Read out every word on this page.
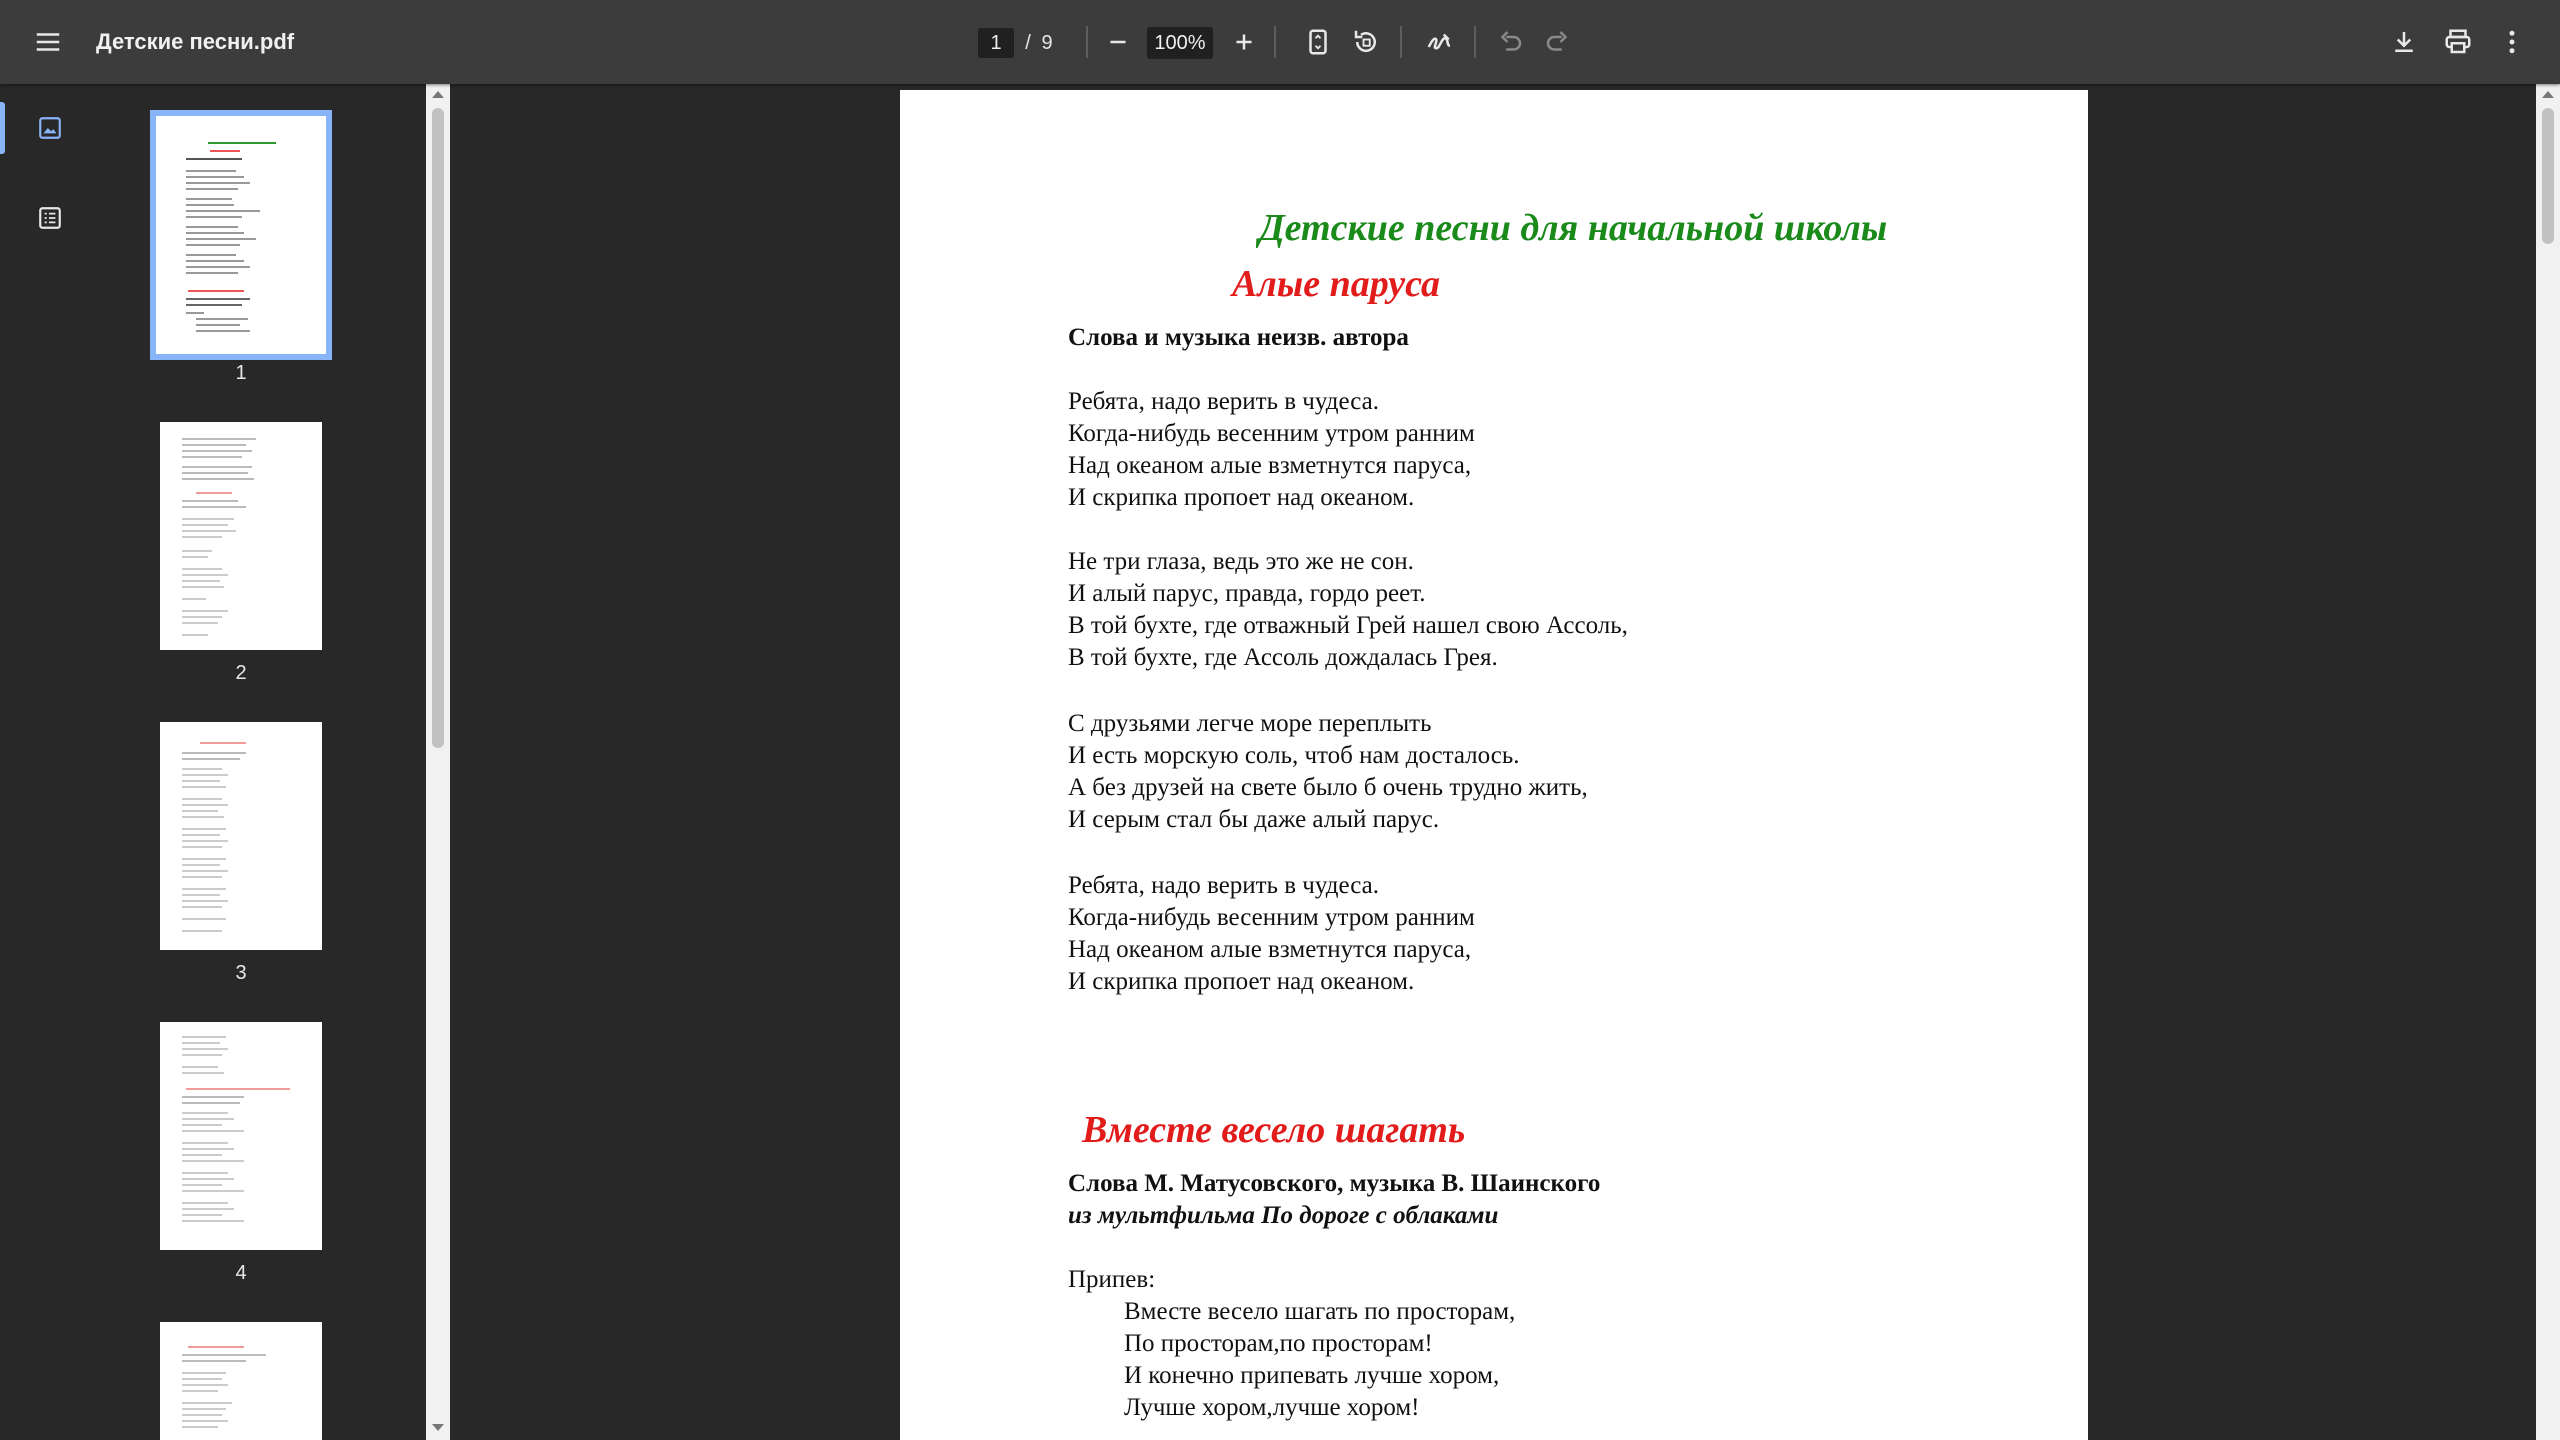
Детские песни.pdf
1	/ 9
100%
1
2
3
4
Детские песни для начальной школы
Алые паруса
Слова и музыка неизв. автора
Ребята, надо верить в чудеса.
Когда-нибудь весенним утром ранним
Над океаном алые взметнутся паруса,
И скрипка пропоет над океаном.
Не три глаза, ведь это же не сон.
И алый парус, правда, гордо реет.
В той бухте, где отважный Грей нашел свою Ассоль,
В той бухте, где Ассоль дождалась Грея.
С друзьями легче море переплыть
И есть морскую соль, чтоб нам досталось.
А без друзей на свете было б очень трудно жить,
И серым стал бы даже алый парус.
Ребята, надо верить в чудеса.
Когда-нибудь весенним утром ранним
Над океаном алые взметнутся паруса,
И скрипка пропоет над океаном.
Вместе весело шагать
Слова М. Матусовского, музыка В. Шаинского
из мультфильма По дороге с облаками
Припев:
Вместе весело шагать по просторам,
По просторам,по просторам!
И конечно припевать лучше хором,
Лучше хором,лучше хором!
